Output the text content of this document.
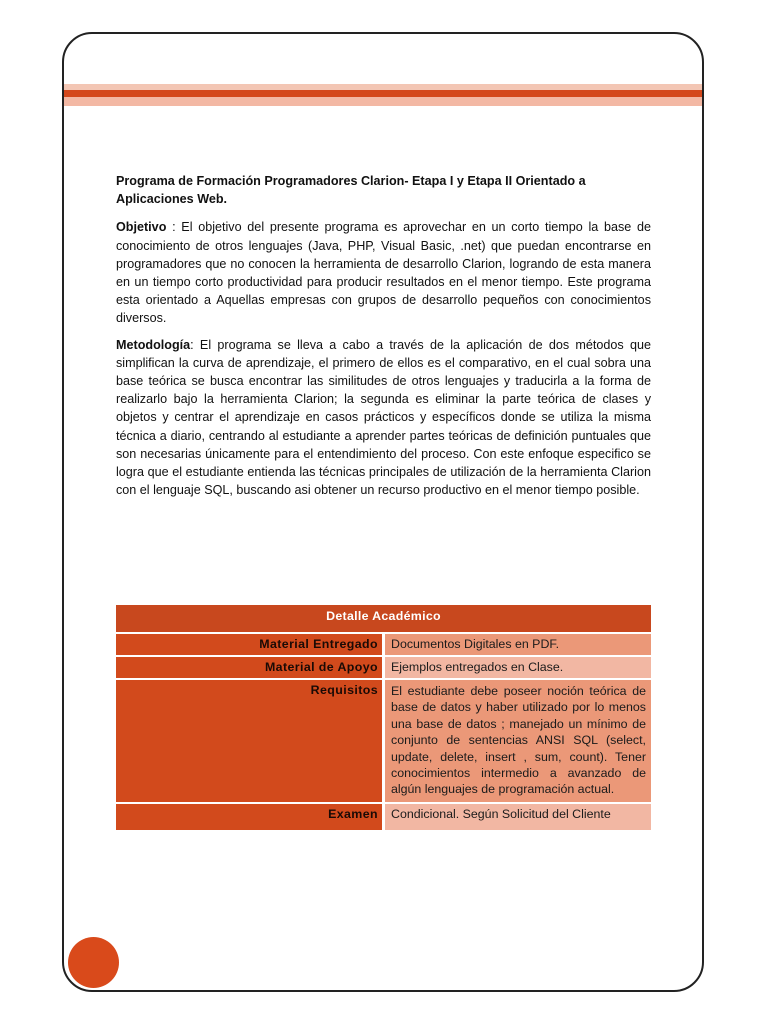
Programa de Formación Programadores Clarion- Etapa I y Etapa II Orientado a Aplicaciones Web.

Objetivo : El objetivo del presente programa es aprovechar en un corto tiempo la base de conocimiento de otros lenguajes (Java, PHP, Visual Basic, .net) que puedan encontrarse en programadores que no conocen la herramienta de desarrollo Clarion, logrando de esta manera en un tiempo corto productividad para producir resultados en el menor tiempo. Este programa esta orientado a Aquellas empresas con grupos de desarrollo pequeños con conocimientos diversos.

Metodología: El programa se lleva a cabo a través de la aplicación de dos métodos que simplifican la curva de aprendizaje, el primero de ellos es el comparativo, en el cual sobra una base teórica se busca encontrar las similitudes de otros lenguajes y traducirla a la forma de realizarlo bajo la herramienta Clarion; la segunda es eliminar la parte teórica de clases y objetos y centrar el aprendizaje en casos prácticos y específicos donde se utiliza la misma técnica a diario, centrando al estudiante a aprender partes teóricas de definición puntuales que son necesarias únicamente para el entendimiento del proceso. Con este enfoque especifico se logra que el estudiante entienda las técnicas principales de utilización de la herramienta Clarion con el lenguaje SQL, buscando asi obtener un recurso productivo en el menor tiempo posible.

Detalle Académico
Material Entregado	Documentos Digitales en PDF.
Material de Apoyo	Ejemplos entregados en Clase.
Requisitos	El estudiante debe poseer noción teórica de base de datos y haber utilizado por lo menos una base de datos ; manejado un mínimo de conjunto de sentencias ANSI SQL (select, update, delete, insert , sum, count). Tener conocimientos intermedio a avanzado de algún lenguajes de programación actual.
Examen	Condicional. Según Solicitud del Cliente
